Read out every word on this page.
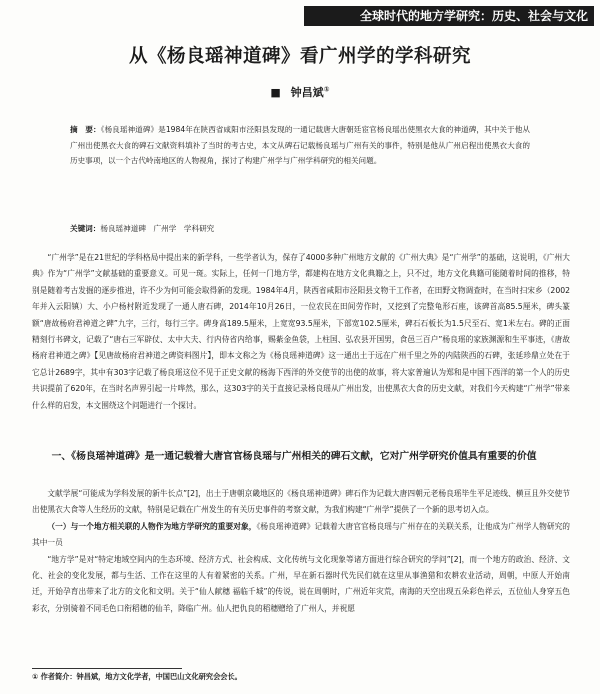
全球时代的地方学研究：历史、社会与文化
从《杨良瑶神道碑》看广州学的学科研究
■ 钟昌斌①
摘　要：《杨良瑶神道碑》是1984年在陕西省咸阳市泾阳县发现的一通记载唐大唐朝廷宦官杨良瑶出使黑衣大食的神道碑，其中关于他从广州出使黑衣大食的碑石文献资料填补了当时的考古史，本文从碑石记载杨良瑶与广州有关的事件，特别是他从广州启程出使黑衣大食的历史事项，以一个古代岭南地区的人物视角，探讨了构建广州学与广州学科研究的相关问题。
关键词：杨良瑶神道碑　广州学　学科研究

“广州学”是在21世纪的学科格局中提出来的新学科，一些学者认为，保存了4000多种广州地方文献的《广州大典》是“广州学”的基础，这说明，《广州大典》作为“广州学”文献基础的重要意义。可见一斑。实际上，任何一门地方学，都建构在地方文化典籍之上，只不过，地方文化典籍可能随着时间的推移，特别是随着考古发掘的逐步推进，许不少为何可能会取得新的发现。1984年4月，陕西省咸阳市泾阳县文物干工作者，在田野文物调查时，在当时扫宋乡（2002年并入云阳镇）大、小户杨村附近发现了一通人唐石碑，2014年10月26日，一位农民在田间劳作时，又挖到了完整龟形石座，该碑首高85.5厘米，碑头篆额“唐故杨府君神道之碑”九字，三行，每行三字。碑身高189.5厘米，上宽宽93.5厘米，下部宽102.5厘米，碑石石板长为1.5尺至石、宽1米左右。碑的正面精刻行书碑文，记载了“唐右三军辟仗、太中大夫、行内侍省内给事，赐紫金鱼袋，上柱国、弘农县开国男，食邑三百户”杨良瑶的家族渊源和生平事迹，《唐故杨府君神道之碑》【见唐故杨府君神道之碑资料图片】，即本文称之为《杨良瑶神道碑》这一通出土于远在广州千里之外的内陆陕西的石碑，张延珍鼎立处在于它总计2689字，其中有303字记载了杨良瑶这位不见于正史文献的杨海下西洋的外交使节的出使的故事，将大家普遍认为郑和是中国下西洋的第一个人的历史共识提前了620年，在当时名声界引起一片哗然，那么，这303字的关于直接记录杨良瑶从广州出发，出使黑衣大食的历史文献，对我们今天构建“广州学”带来什么样的启发，本文围绕这个问题进行一个探讨。

一、《杨良瑶神道碑》是一通记载着大唐官官杨良瑶与广州相关的碑石文献，它对广州学研究价值具有重要的价值

文献学展“可能成为学科发展的新牛长点”[2]，出土于唐朝京畿地区的《杨良瑶神道碑》碑石作为记载大唐四朝元老杨良瑶毕生平足迹线、横亘且外交使节出使黑衣大食等人生经历的文献，特别是记载在广州发生的有关历史事件的考察文献，为我们构建“广州学”提供了一个新的思考切入点。

（一）与一个地方相关联的人物作为地方学研究的重要对象，《杨良瑶神道碑》记载着大唐官官杨良瑶与广州存在的关联关系，让他成为广州学人物研究的其中一员

“地方学”是对“特定地域空间内的生态环境、经济方式、社会构成、文化传统与文化现象等诸方面进行综合研究的学问”[2]，而一个地方的政治、经济、文化、社会的变化发展，都与生活、工作在这里的人有着紧密的关系。广州，早在新石器时代先民们就在这里从事渔猎和农耕农业活动，周朝，中原人开始南迁，开始孕育出带来了北方的文化和文明。关于“仙人献穗 福临千城”的传说，说在周朝时，广州近年灾荒，南海的天空出现五朵彩色祥云，五位仙人身穿五色彩衣，分别骑着不同毛色口衔稻穗的仙羊，降临广州。仙人把仇良的稻穗赠给了广州人，并祝愿

① 作者简介：钟昌斌，地方文化学者，中国巴山文化研究会会长。
